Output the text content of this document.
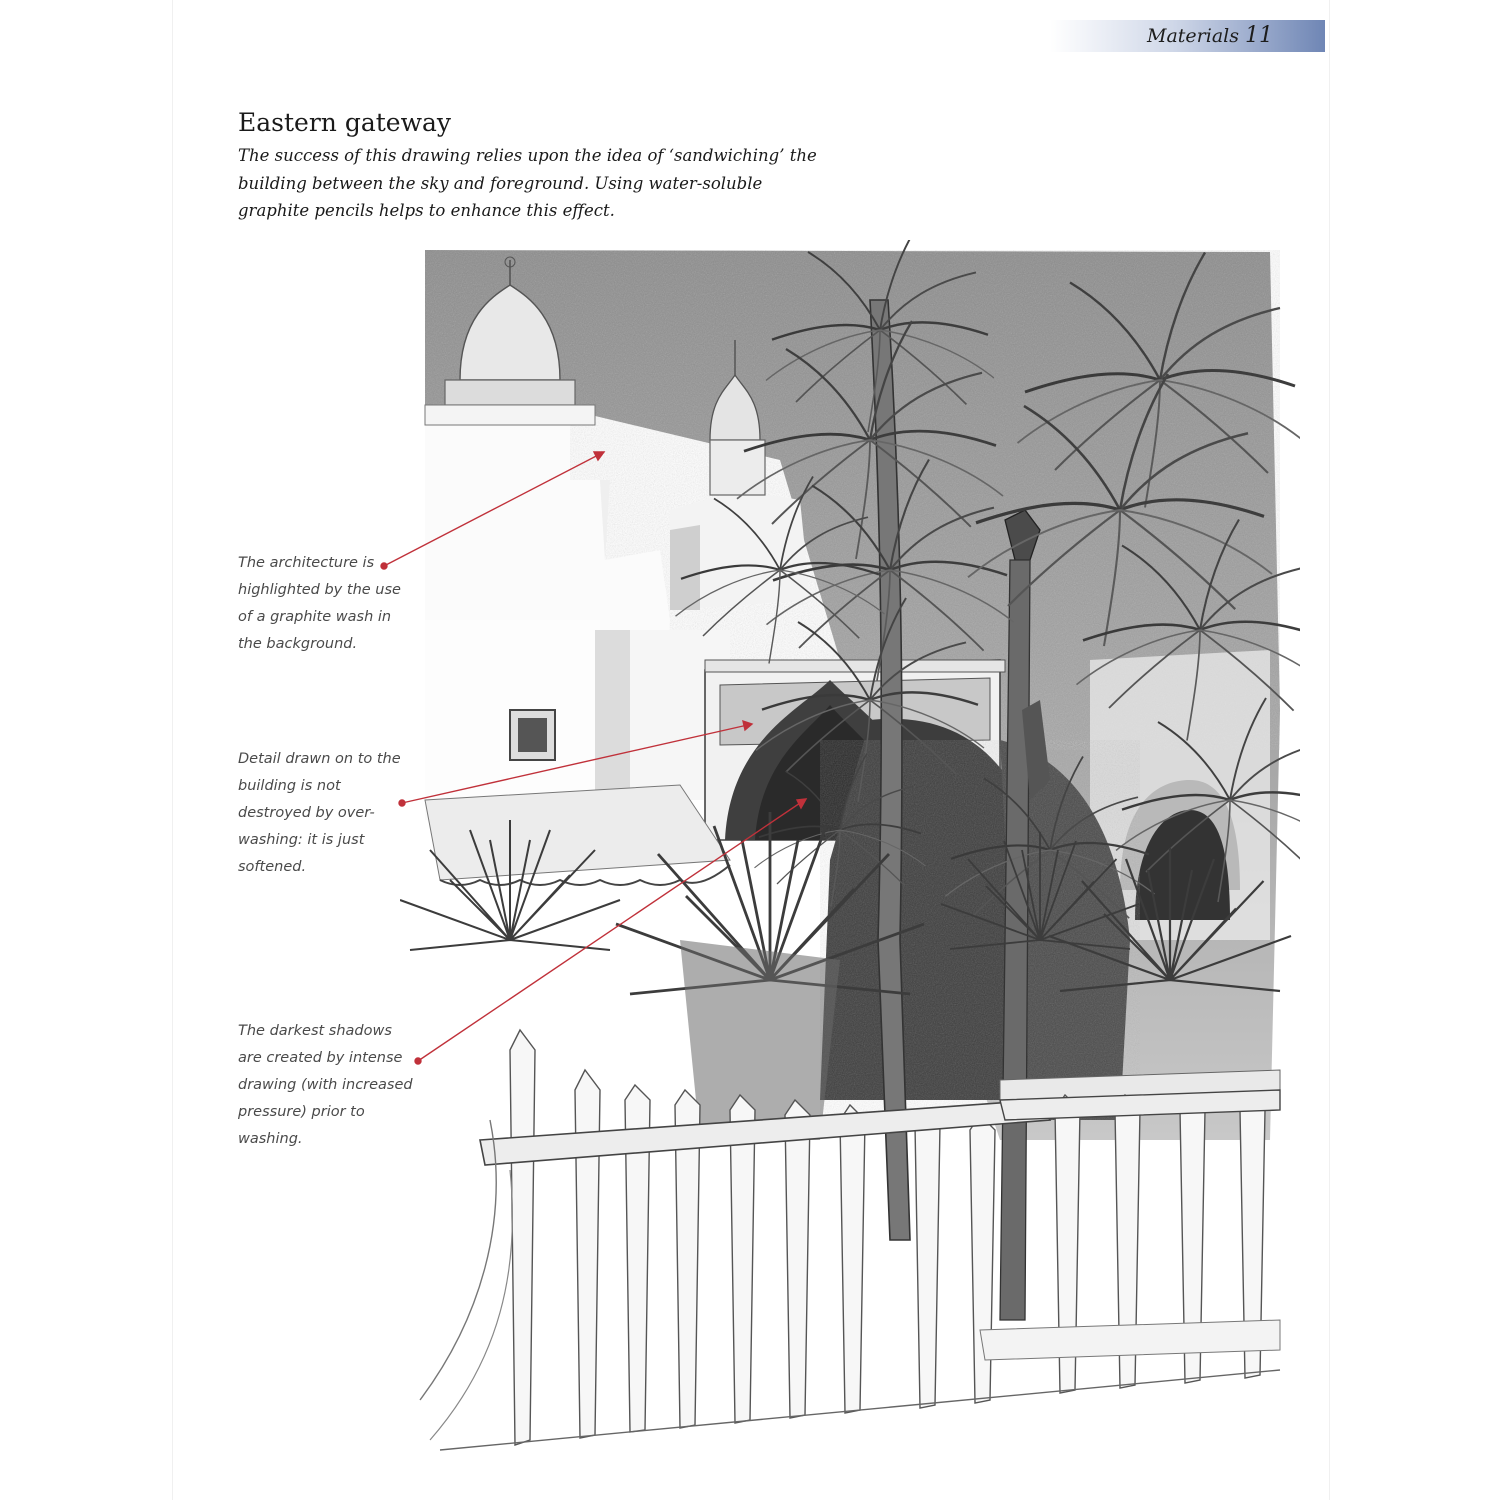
Materials 11
Eastern gateway
The success of this drawing relies upon the idea of ‘sandwiching’ the building between the sky and foreground. Using water-soluble graphite pencils helps to enhance this effect.
The architecture is highlighted by the use of a graphite wash in the background.
Detail drawn on to the building is not destroyed by over-washing: it is just softened.
The darkest shadows are created by intense drawing (with increased pressure) prior to washing.
